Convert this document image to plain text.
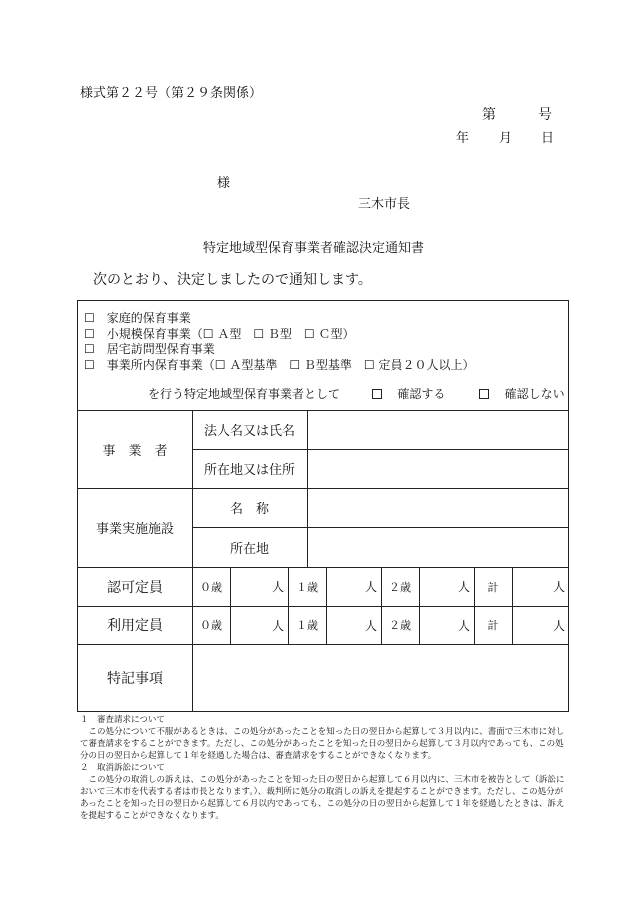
様式第２２号（第２９条関係）
第	号
年 月 日
様
三木市長
特定地域型保育事業者確認決定通知書
次のとおり、決定しましたので通知します。
☐　 家庭的保育事業
☐　 小規模保育事業（☐ Ａ型　☐ Ｂ型　☐ Ｃ型）
☐　 居宅訪問型保育事業
☐　 事業所内保育事業（☐ Ａ型基準　☐ Ｂ型基準　☐ 定員２０人以上）
を行う特定地域型保育事業者として	確認する	確認しない
事　業　者
法人名又は氏名
所在地又は住所
事業実施施設
名　称
所在地
認可定員	０歳	人	１歳	人	２歳	人	計	人
利用定員	０歳	人	１歳	人	２歳	人	計	人
特記事項
１　審査請求について
この処分について不服があるときは、この処分があったことを知った日の翌日から起算して３月以内に、書面で三木市に対して審査請求をすることができます。ただし、この処分があったことを知った日の翌日から起算して３月以内であっても、この処分の日の翌日から起算して１年を経過した場合は、審査請求をすることができなくなります。
２　取消訴訟について
この処分の取消しの訴えは、この処分があったことを知った日の翌日から起算して６月以内に、三木市を被告として（訴訟において三木市を代表する者は市長となります。）、裁判所に処分の取消しの訴えを提起することができます。ただし、この処分があったことを知った日の翌日から起算して６月以内であっても、この処分の日の翌日から起算して１年を経過したときは、訴えを提起することができなくなります。
